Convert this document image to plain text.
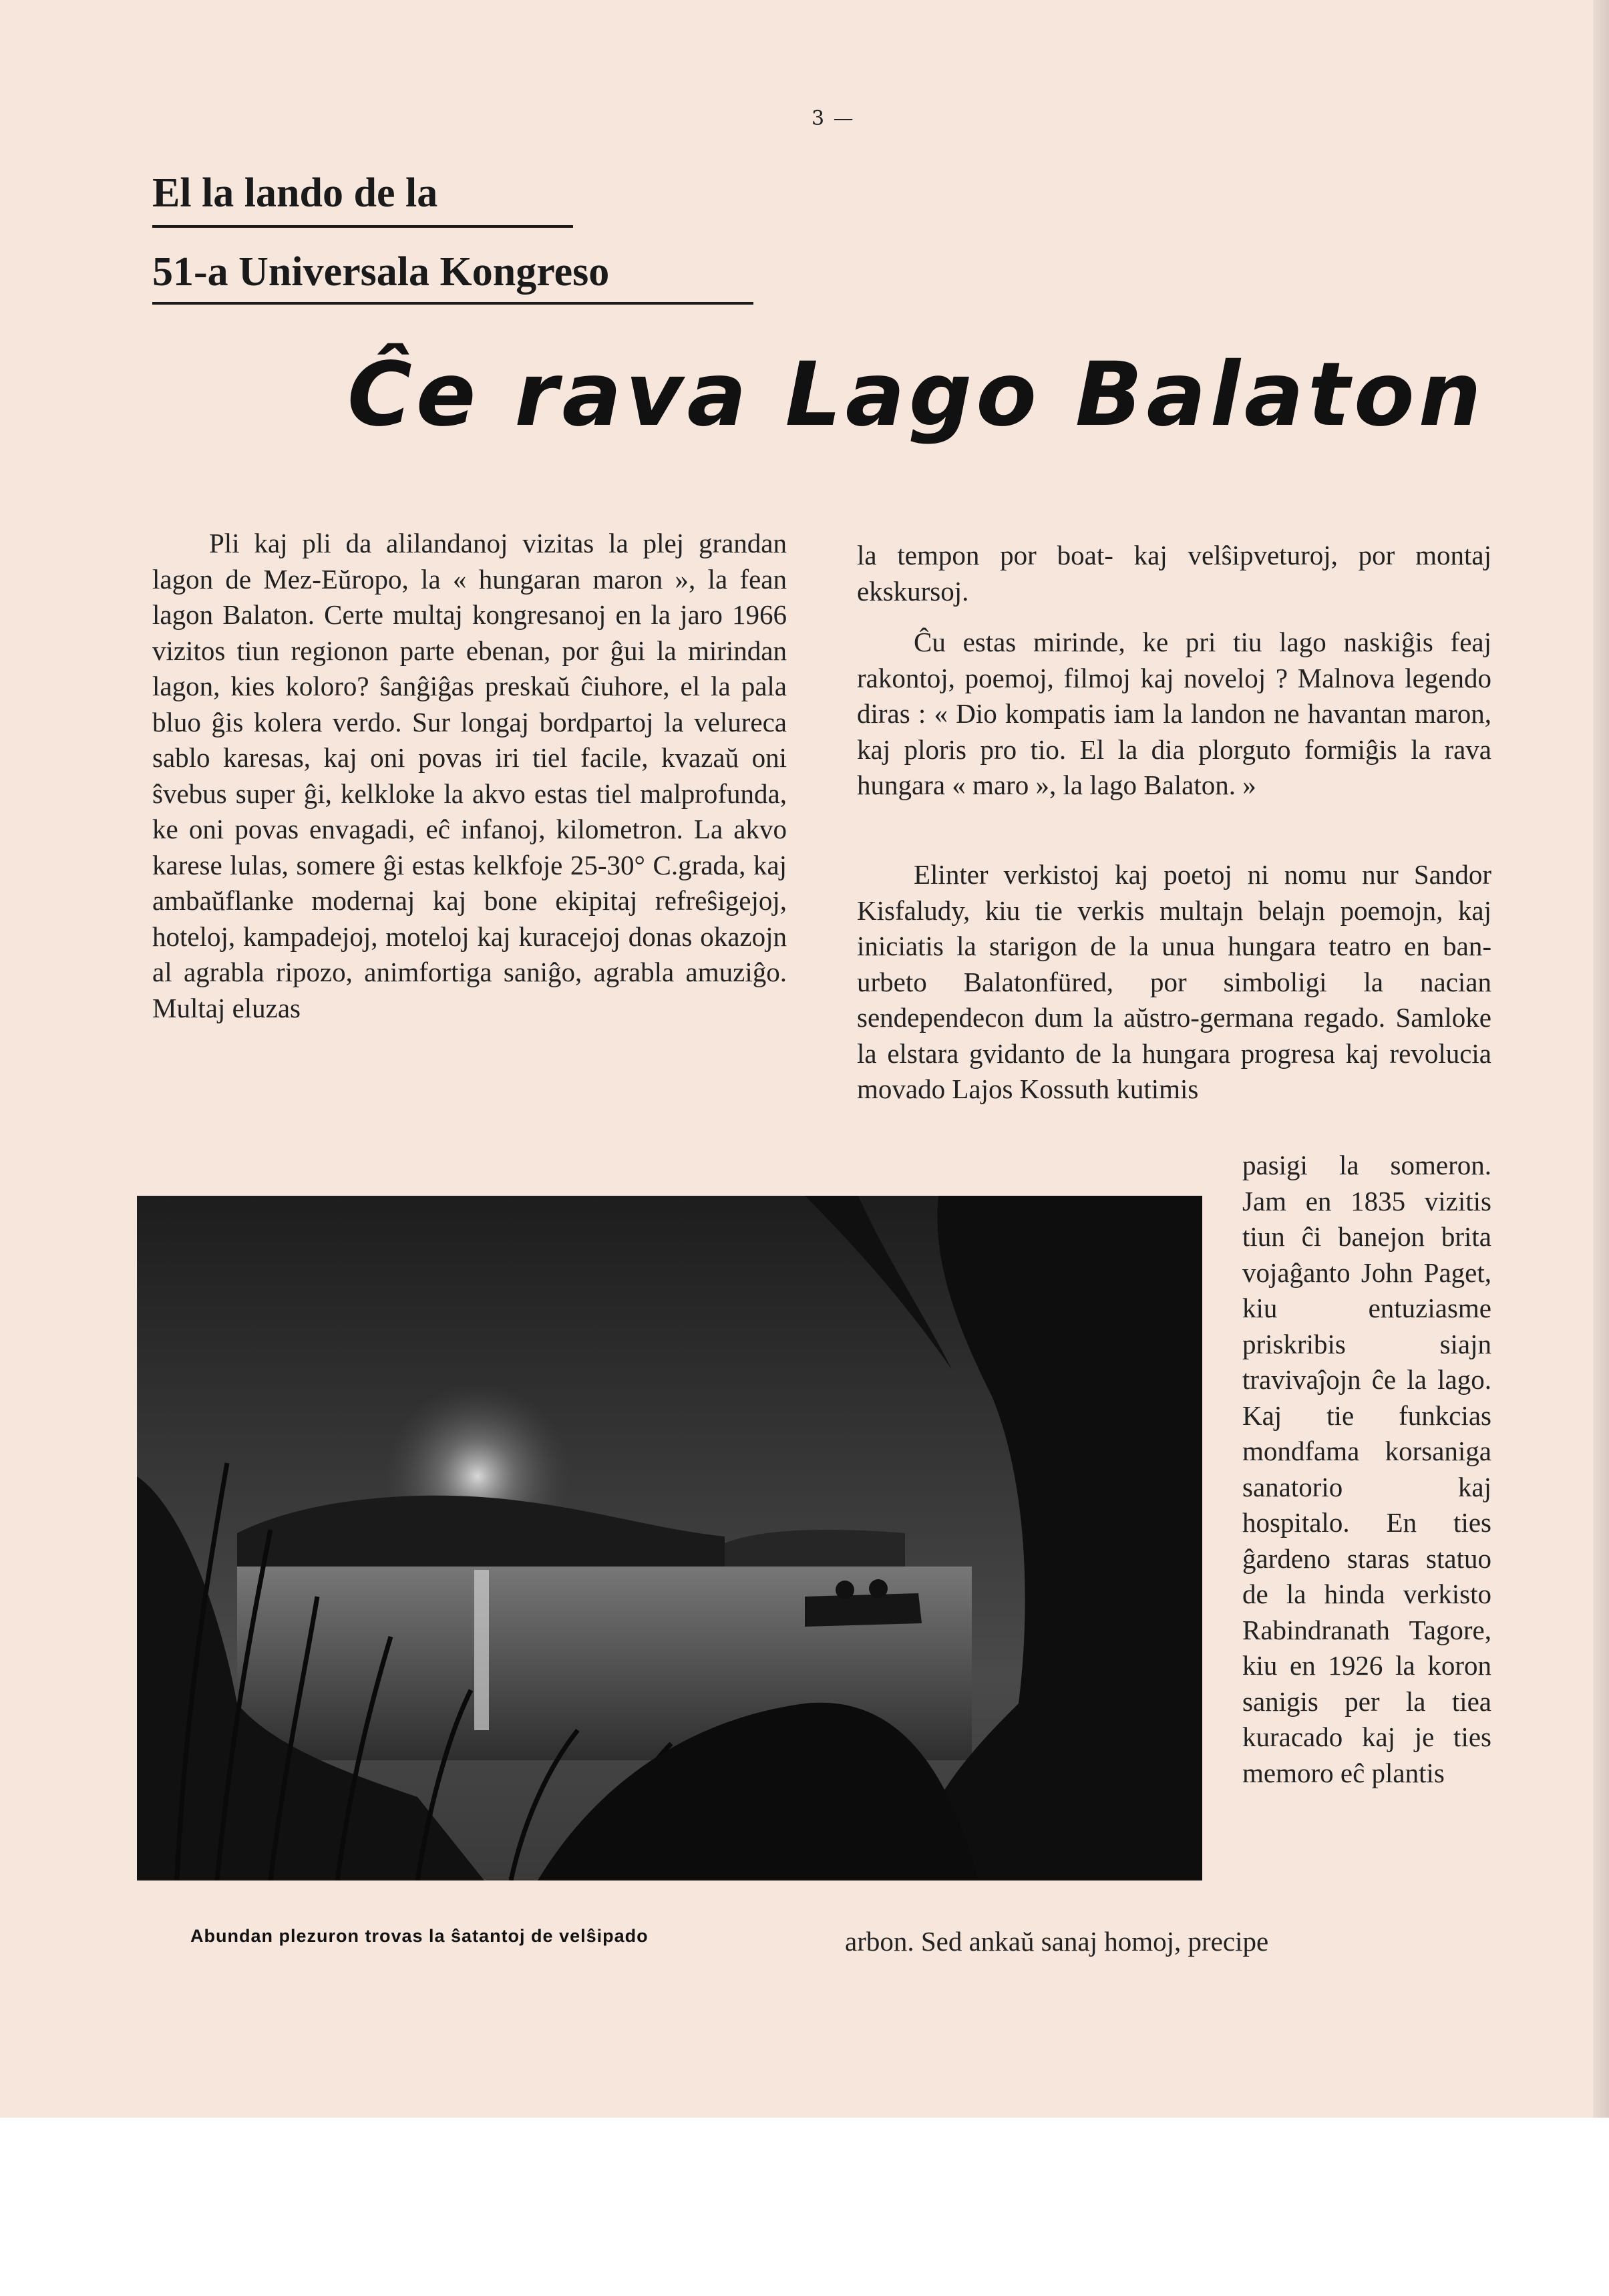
3 —
El la lando de la
51-a Universala Kongreso
Ĉe rava Lago Balaton

Pli kaj pli da alilandanoj vizitas la plej grandan lagon de Mez-Eŭropo, la « hungaran maron », la fean lagon Balaton. Certe multaj kongresanoj en la jaro 1966 vizitos tiun regionon parte ebenan, por ĝui la mirindan lagon, kies koloro? ŝanĝiĝas preskaŭ ĉiuhore, el la pala bluo ĝis kolera verdo. Sur longaj bordpartoj la velureca sablo karesas, kaj oni povas iri tiel facile, kvazaŭ oni ŝvebus super ĝi, kelkloke la akvo estas tiel malprofunda, ke oni povas envagadi, eĉ infanoj, kilometron. La akvo karese lulas, somere ĝi estas kelkfoje 25-30° C.grada, kaj ambaŭflanke modernaj kaj bone ekipitaj refreŝigejoj, hoteloj, kampadejoj, moteloj kaj kuracejoj donas okazojn al agrabla ripozo, animfortiga saniĝo, agrabla amuziĝo. Multaj eluzas

la tempon por boat- kaj velŝipveturoj, por montaj ekskursoj.

Ĉu estas mirinde, ke pri tiu lago naskiĝis feaj rakontoj, poemoj, filmoj kaj noveloj ? Malnova legendo diras : « Dio kompatis iam la landon ne havantan maron, kaj ploris pro tio. El la dia plorguto formiĝis la rava hungara « maro », la lago Balaton. »

Elinter verkistoj kaj poetoj ni nomu nur Sandor Kisfaludy, kiu tie verkis multajn belajn poemojn, kaj iniciatis la starigon de la unua hungara teatro en ban-urbeto Balatonfüred, por simboligi la nacian sendependecon dum la aŭstro-germana regado. Samloke la elstara gvidanto de la hungara progresa kaj revolucia movado Lajos Kossuth kutimis

pasigi la someron. Jam en 1835 vizitis tiun ĉi banejon brita vojaĝanto John Paget, kiu entuziasme priskribis siajn travivaĵojn ĉe la lago. Kaj tie funkcias mondfama korsaniga sanatorio kaj hospitalo. En ties ĝardeno staras statuo de la hinda verkisto Rabindranath Tagore, kiu en 1926 la koron sanigis per la tiea kuracado kaj je ties memoro eĉ plantis

arbon. Sed ankaŭ sanaj homoj, precipe

Abundan plezuron trovas la ŝatantoj de velŝipado
